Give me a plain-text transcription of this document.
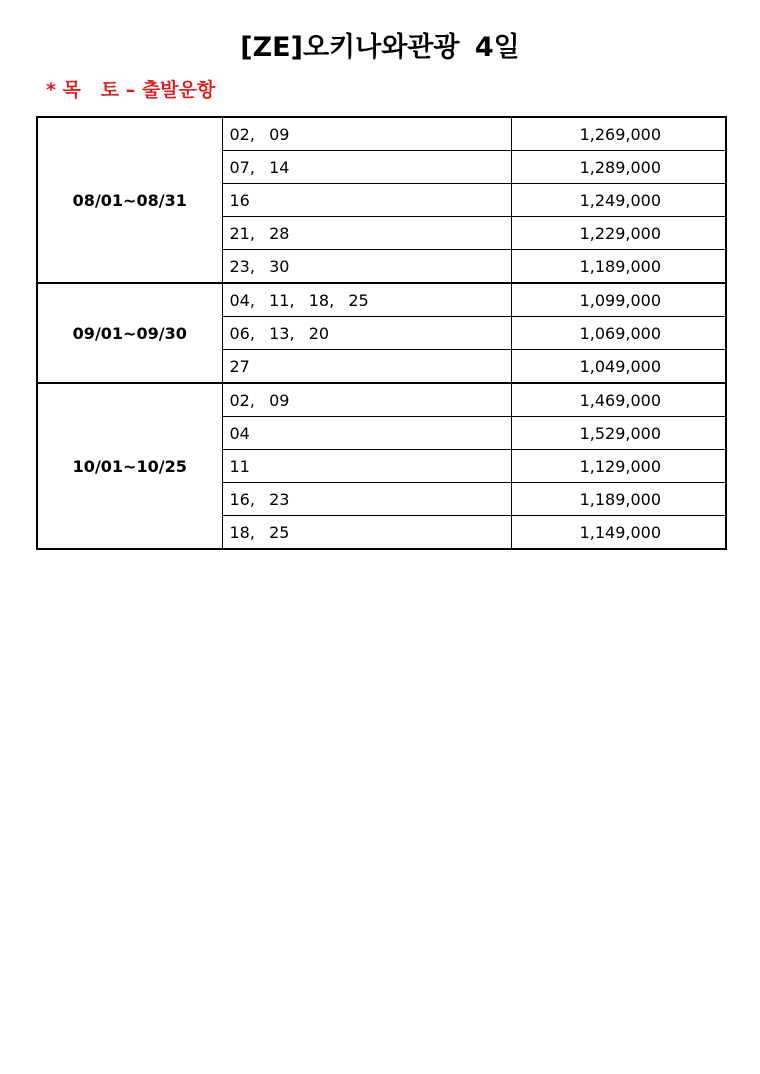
[ZE]오키나와관광 4일
* 목   토 – 출발운항
08/01~08/31	02,  09	1,269,000
	07,  14	1,289,000
	16	1,249,000
	21,  28	1,229,000
	23,  30	1,189,000
09/01~09/30	04,  11,  18,  25	1,099,000
	06,  13,  20	1,069,000
	27	1,049,000
10/01~10/25	02,  09	1,469,000
	04	1,529,000
	11	1,129,000
	16,  23	1,189,000
	18,  25	1,149,000
